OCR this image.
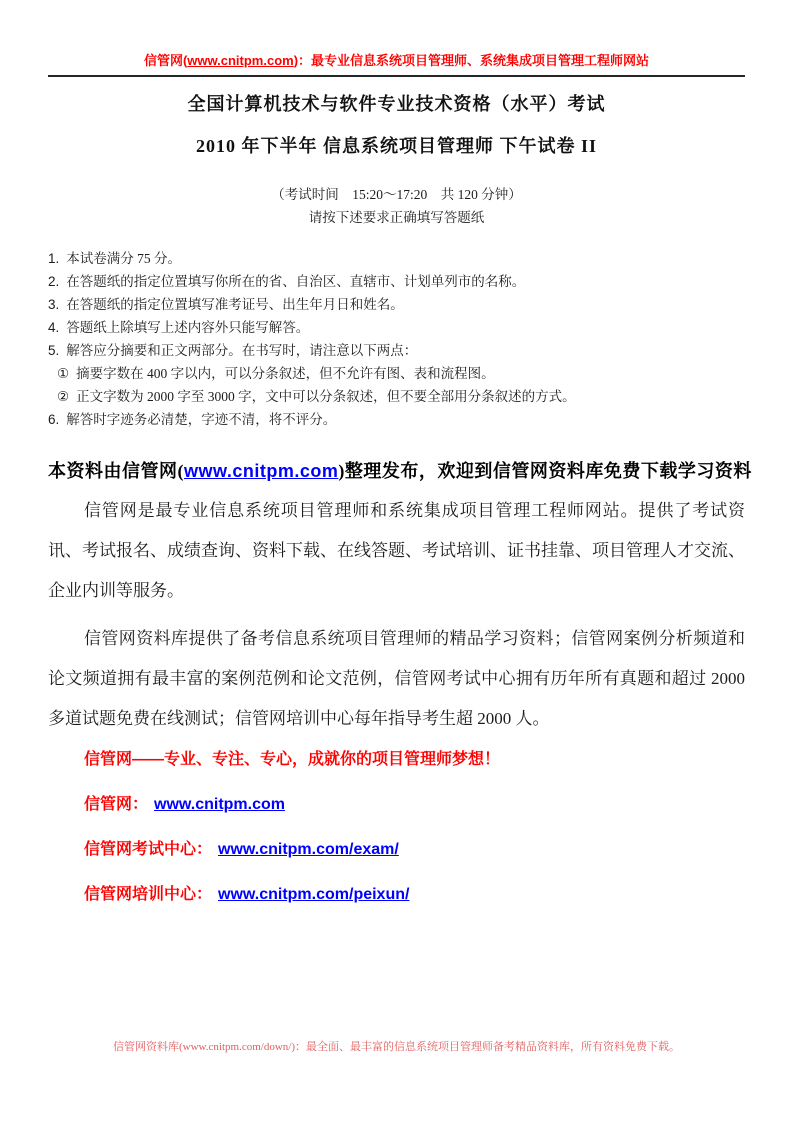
信管网(www.cnitpm.com)：最专业信息系统项目管理师、系统集成项目管理工程师网站
全国计算机技术与软件专业技术资格（水平）考试
2010 年下半年 信息系统项目管理师 下午试卷 II
（考试时间　15:20～17:20　共 120 分钟）
请按下述要求正确填写答题纸
1. 本试卷满分 75 分。
2. 在答题纸的指定位置填写你所在的省、自治区、直辖市、计划单列市的名称。
3. 在答题纸的指定位置填写准考证号、出生年月日和姓名。
4. 答题纸上除填写上述内容外只能写解答。
5. 解答应分摘要和正文两部分。在书写时，请注意以下两点：
① 摘要字数在 400 字以内，可以分条叙述，但不允许有图、表和流程图。
② 正文字数为 2000 字至 3000 字，文中可以分条叙述，但不要全部用分条叙述的方式。
6. 解答时字迹务必清楚，字迹不清，将不评分。
本资料由信管网(www.cnitpm.com)整理发布，欢迎到信管网资料库免费下载学习资料

信管网是最专业信息系统项目管理师和系统集成项目管理工程师网站。提供了考试资讯、考试报名、成绩查询、资料下载、在线答题、考试培训、证书挂靠、项目管理人才交流、企业内训等服务。

信管网资料库提供了备考信息系统项目管理师的精品学习资料；信管网案例分析频道和论文频道拥有最丰富的案例范例和论文范例，信管网考试中心拥有历年所有真题和超过 2000 多道试题免费在线测试；信管网培训中心每年指导考生超 2000 人。

信管网——专业、专注、专心，成就你的项目管理师梦想！
信管网： www.cnitpm.com
信管网考试中心： www.cnitpm.com/exam/
信管网培训中心： www.cnitpm.com/peixun/
信管网资料库(www.cnitpm.com/down/)：最全面、最丰富的信息系统项目管理师备考精品资料库，所有资料免费下载。
